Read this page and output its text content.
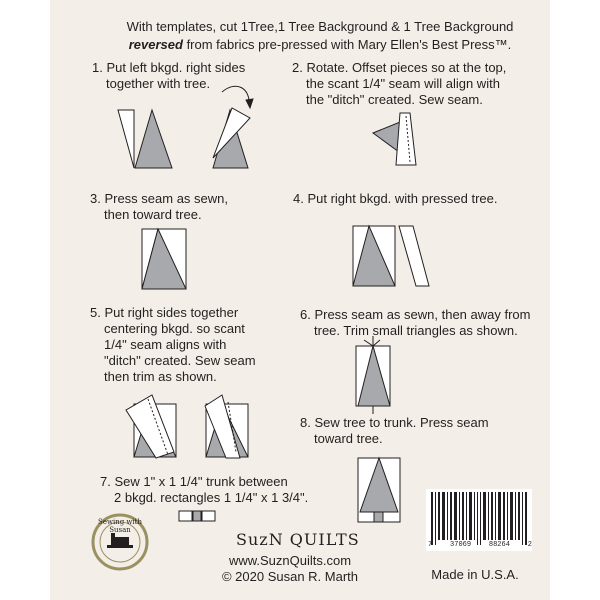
With templates, cut 1Tree,1 Tree Background & 1 Tree Background
reversed from fabrics pre-pressed with Mary Ellen's Best Press™.
1. Put left bkgd. right sides
together with tree.
2. Rotate. Offset pieces so at the top,
the scant 1/4" seam will align with
the "ditch" created. Sew seam.
3. Press seam as sewn,
then toward tree.
4. Put right bkgd. with pressed tree.
5. Put right sides together
centering bkgd. so scant
1/4" seam aligns with
"ditch" created. Sew seam
then trim as shown.
6. Press seam as sewn, then away from
tree. Trim small triangles as shown.
7. Sew 1" x 1 1/4" trunk between
2 bkgd. rectangles 1 1/4" x 1 3/4".
8. Sew tree to trunk. Press seam
toward tree.
7	37069	88264	2
Sewing with Susan	SuzN QUILTS
www.SuznQuilts.com
© 2020 Susan R. Marth	Made in U.S.A.
